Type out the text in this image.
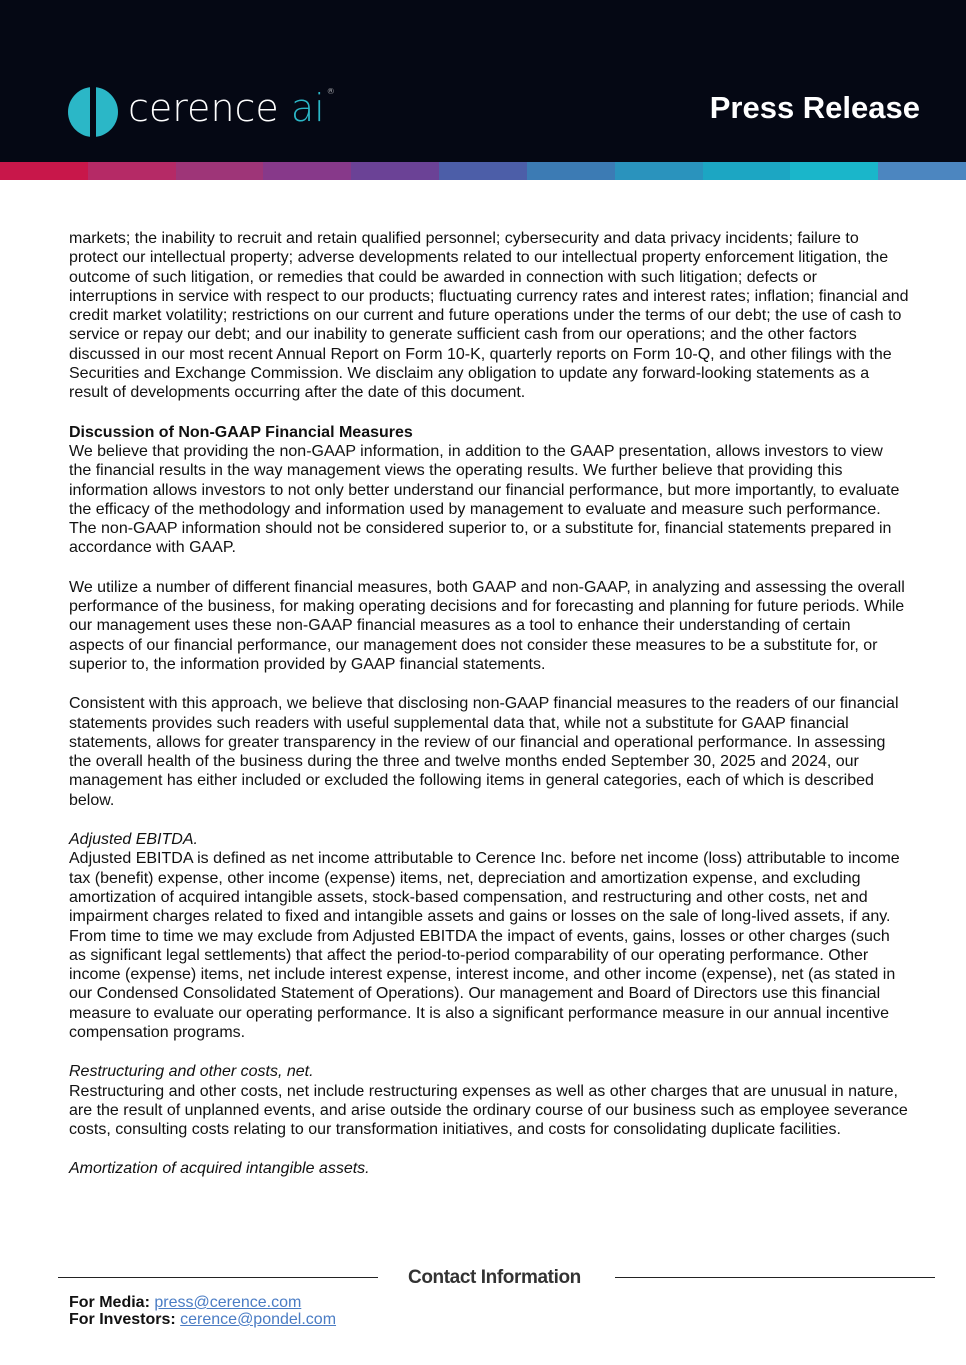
cerence ai ®	Press Release

markets; the inability to recruit and retain qualified personnel; cybersecurity and data privacy incidents; failure to protect our intellectual property; adverse developments related to our intellectual property enforcement litigation, the outcome of such litigation, or remedies that could be awarded in connection with such litigation; defects or interruptions in service with respect to our products; fluctuating currency rates and interest rates; inflation; financial and credit market volatility; restrictions on our current and future operations under the terms of our debt; the use of cash to service or repay our debt; and our inability to generate sufficient cash from our operations; and the other factors discussed in our most recent Annual Report on Form 10-K, quarterly reports on Form 10-Q, and other filings with the Securities and Exchange Commission. We disclaim any obligation to update any forward-looking statements as a result of developments occurring after the date of this document.

Discussion of Non-GAAP Financial Measures
We believe that providing the non-GAAP information, in addition to the GAAP presentation, allows investors to view the financial results in the way management views the operating results. We further believe that providing this information allows investors to not only better understand our financial performance, but more importantly, to evaluate the efficacy of the methodology and information used by management to evaluate and measure such performance. The non-GAAP information should not be considered superior to, or a substitute for, financial statements prepared in accordance with GAAP.

We utilize a number of different financial measures, both GAAP and non-GAAP, in analyzing and assessing the overall performance of the business, for making operating decisions and for forecasting and planning for future periods. While our management uses these non-GAAP financial measures as a tool to enhance their understanding of certain aspects of our financial performance, our management does not consider these measures to be a substitute for, or superior to, the information provided by GAAP financial statements.

Consistent with this approach, we believe that disclosing non-GAAP financial measures to the readers of our financial statements provides such readers with useful supplemental data that, while not a substitute for GAAP financial statements, allows for greater transparency in the review of our financial and operational performance. In assessing the overall health of the business during the three and twelve months ended September 30, 2025 and 2024, our management has either included or excluded the following items in general categories, each of which is described below.

Adjusted EBITDA.
Adjusted EBITDA is defined as net income attributable to Cerence Inc. before net income (loss) attributable to income tax (benefit) expense, other income (expense) items, net, depreciation and amortization expense, and excluding amortization of acquired intangible assets, stock-based compensation, and restructuring and other costs, net and impairment charges related to fixed and intangible assets and gains or losses on the sale of long-lived assets, if any. From time to time we may exclude from Adjusted EBITDA the impact of events, gains, losses or other charges (such as significant legal settlements) that affect the period-to-period comparability of our operating performance. Other income (expense) items, net include interest expense, interest income, and other income (expense), net (as stated in our Condensed Consolidated Statement of Operations). Our management and Board of Directors use this financial measure to evaluate our operating performance. It is also a significant performance measure in our annual incentive compensation programs.

Restructuring and other costs, net.
Restructuring and other costs, net include restructuring expenses as well as other charges that are unusual in nature, are the result of unplanned events, and arise outside the ordinary course of our business such as employee severance costs, consulting costs relating to our transformation initiatives, and costs for consolidating duplicate facilities.

Amortization of acquired intangible assets.

Contact Information
For Media: press@cerence.com
For Investors: cerence@pondel.com
